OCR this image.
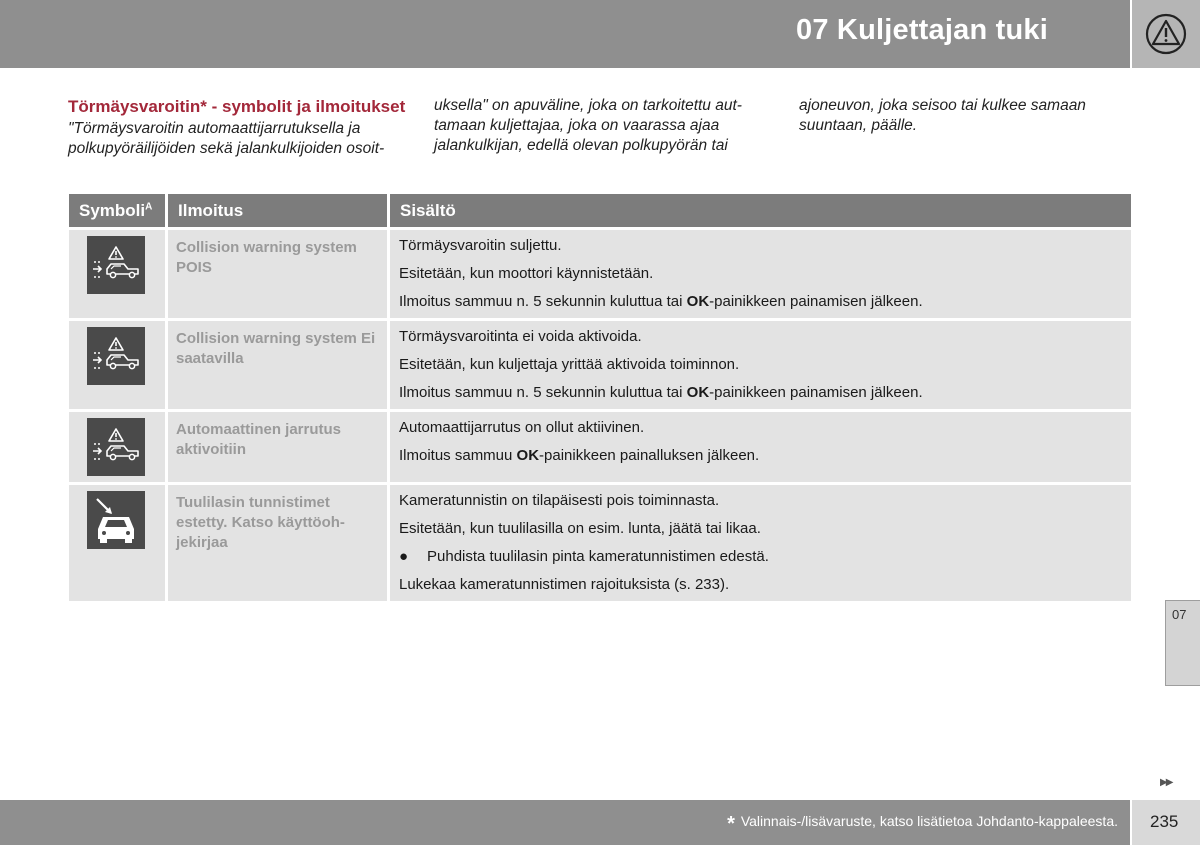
07 Kuljettajan tuki
Törmäysvaroitin* - symbolit ja ilmoitukset
"Törmäysvaroitin automaattijarrutuksella ja polkupyöräilijöiden sekä jalankulkijoiden osoit-
uksella" on apuväline, joka on tarkoitettu aut-tamaan kuljettajaa, joka on vaarassa ajaa jalankulkijan, edellä olevan polkupyörän tai
ajoneuvon, joka seisoo tai kulkee samaan suuntaan, päälle.
Symboli$^A$	Ilmoitus	Sisältö

	Collision warning system POIS	Törmäysvaroitin suljettu.

Esitetään, kun moottori käynnistetään.

Ilmoitus sammuu n. 5 sekunnin kuluttua tai OK-painikkeen painamisen jälkeen.

	Collision warning system Ei saatavilla	Törmäysvaroitinta ei voida aktivoida.

Esitetään, kun kuljettaja yrittää aktivoida toiminnon.

Ilmoitus sammuu n. 5 sekunnin kuluttua tai OK-painikkeen painamisen jälkeen.

	Automaattinen jarrutus aktivoitiin	Automaattijarrutus on ollut aktiivinen.

Ilmoitus sammuu OK-painikkeen painalluksen jälkeen.

	Tuulilasin tunnistimet estetty. Katso käyttöoh-jekirjaa	Kameratunnistin on tilapäisesti pois toiminnasta.

Esitetään, kun tuulilasilla on esim. lunta, jäätä tai likaa.

● Puhdista tuulilasin pinta kameratunnistimen edestä.

Lukekaa kameratunnistimen rajoituksista (s. 233).

07
▶▶
* Valinnais-/lisävaruste, katso lisätietoa Johdanto-kappaleesta. 235
